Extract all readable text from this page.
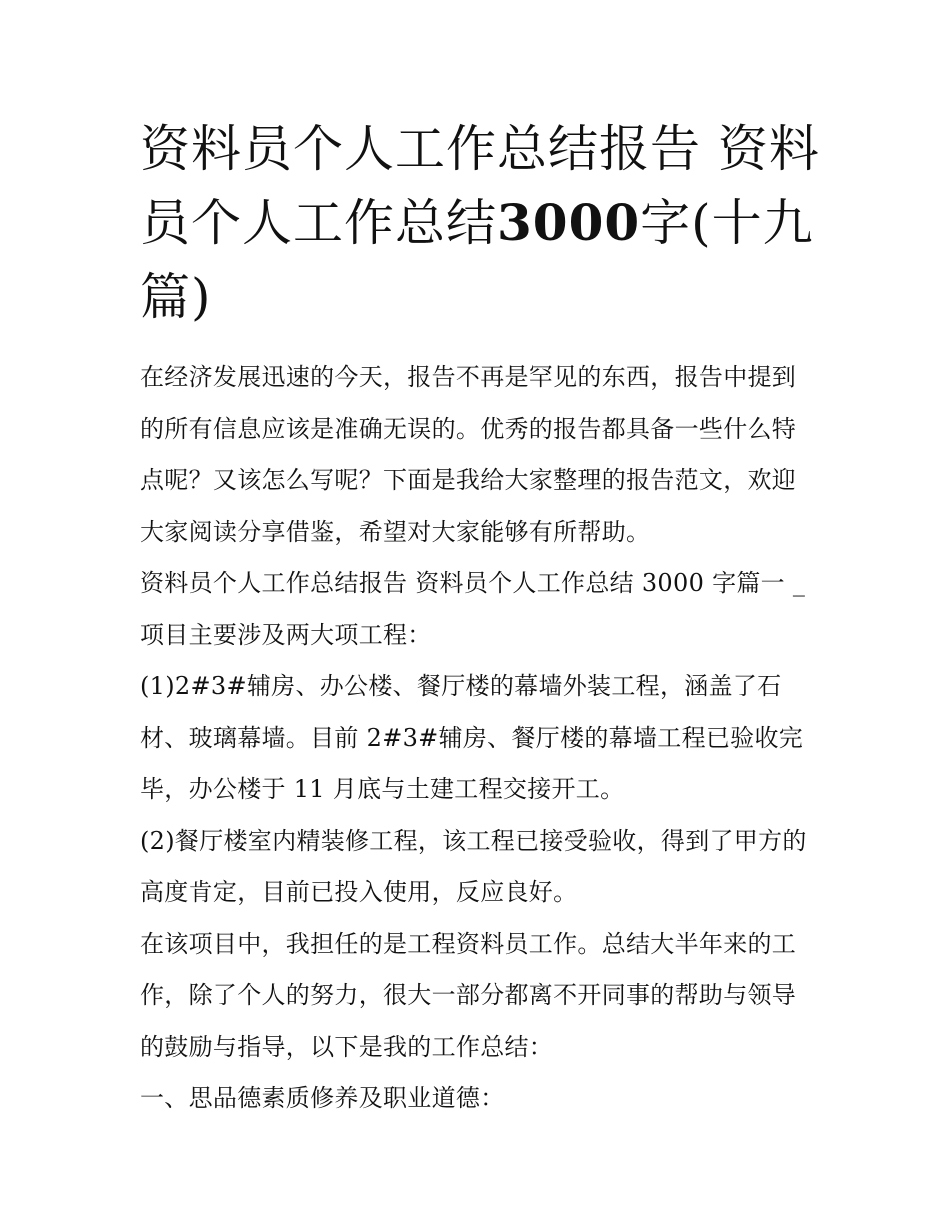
资料员个人工作总结报告 资料员个人工作总结3000字(十九篇)

在经济发展迅速的今天，报告不再是罕见的东西，报告中提到的所有信息应该是准确无误的。优秀的报告都具备一些什么特点呢？又该怎么写呢？下面是我给大家整理的报告范文，欢迎大家阅读分享借鉴，希望对大家能够有所帮助。

资料员个人工作总结报告 资料员个人工作总结 3000 字篇一 _

项目主要涉及两大项工程：

(1)2#3#辅房、办公楼、餐厅楼的幕墙外装工程，涵盖了石材、玻璃幕墙。目前 2#3#辅房、餐厅楼的幕墙工程已验收完毕，办公楼于 11 月底与土建工程交接开工。

(2)餐厅楼室内精装修工程，该工程已接受验收，得到了甲方的高度肯定，目前已投入使用，反应良好。

在该项目中，我担任的是工程资料员工作。总结大半年来的工作，除了个人的努力，很大一部分都离不开同事的帮助与领导的鼓励与指导，以下是我的工作总结：

一、思品德素质修养及职业道德：
